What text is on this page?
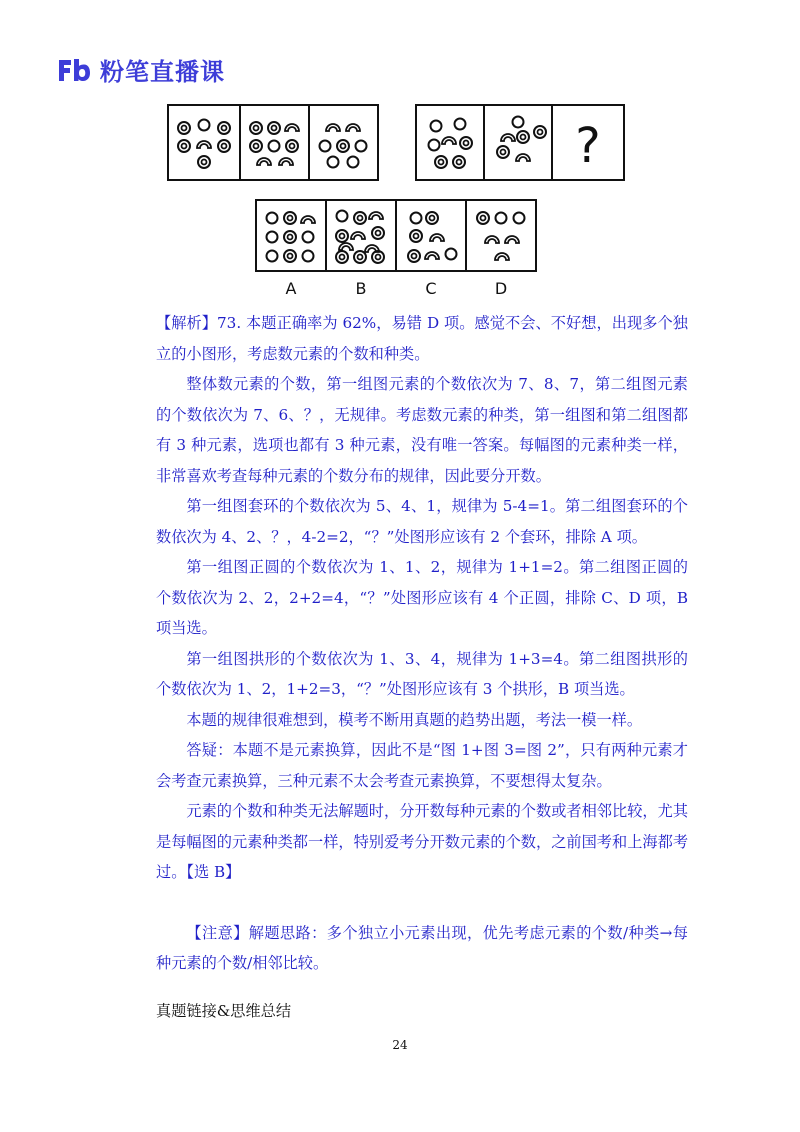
粉笔直播课
?
A	B	C	D

【解析】73. 本题正确率为 62%，易错 D 项。感觉不会、不好想，出现多个独立的小图形，考虑数元素的个数和种类。

整体数元素的个数，第一组图元素的个数依次为 7、8、7，第二组图元素的个数依次为 7、6、？，无规律。考虑数元素的种类，第一组图和第二组图都有 3 种元素，选项也都有 3 种元素，没有唯一答案。每幅图的元素种类一样，非常喜欢考查每种元素的个数分布的规律，因此要分开数。

第一组图套环的个数依次为 5、4、1，规律为 5-4=1。第二组图套环的个数依次为 4、2、？，4-2=2，“？”处图形应该有 2 个套环，排除 A 项。

第一组图正圆的个数依次为 1、1、2，规律为 1+1=2。第二组图正圆的个数依次为 2、2，2+2=4，“？”处图形应该有 4 个正圆，排除 C、D 项，B 项当选。

第一组图拱形的个数依次为 1、3、4，规律为 1+3=4。第二组图拱形的个数依次为 1、2，1+2=3，“？”处图形应该有 3 个拱形，B 项当选。

本题的规律很难想到，模考不断用真题的趋势出题，考法一模一样。

答疑：本题不是元素换算，因此不是“图 1+图 3=图 2”，只有两种元素才会考查元素换算，三种元素不太会考查元素换算，不要想得太复杂。

元素的个数和种类无法解题时，分开数每种元素的个数或者相邻比较，尤其是每幅图的元素种类都一样，特别爱考分开数元素的个数，之前国考和上海都考过。【选 B】

【注意】解题思路：多个独立小元素出现，优先考虑元素的个数/种类→每种元素的个数/相邻比较。

真题链接&思维总结
24
